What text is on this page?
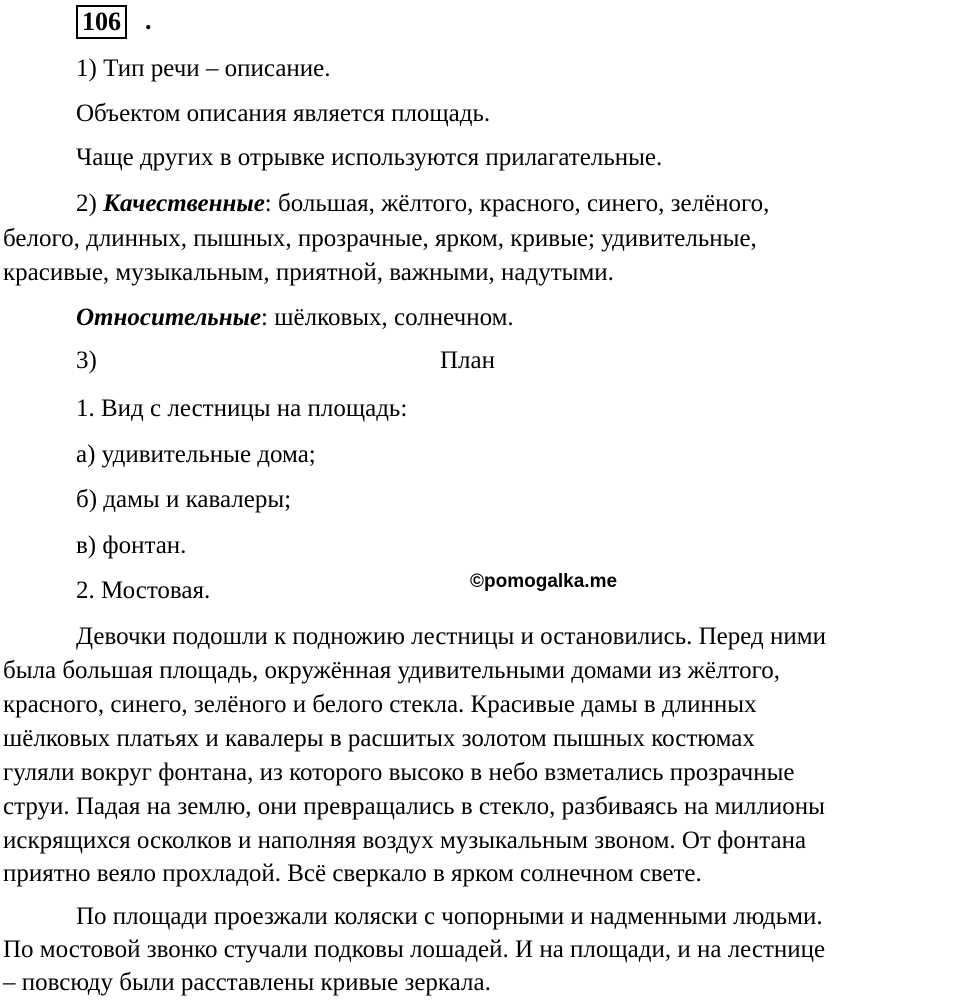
106 .
1) Тип речи – описание.
Объектом описания является площадь.
Чаще других в отрывке используются прилагательные.
2) Качественные: большая, жёлтого, красного, синего, зелёного,
белого, длинных, пышных, прозрачные, ярком, кривые; удивительные,
красивые, музыкальным, приятной, важными, надутыми.
Относительные: шёлковых, солнечном.
3)	План
1. Вид с лестницы на площадь:
а) удивительные дома;
б) дамы и кавалеры;
в) фонтан.
2. Мостовая.	©pomogalka.me
Девочки подошли к подножию лестницы и остановились. Перед ними
была большая площадь, окружённая удивительными домами из жёлтого,
красного, синего, зелёного и белого стекла. Красивые дамы в длинных
шёлковых платьях и кавалеры в расшитых золотом пышных костюмах
гуляли вокруг фонтана, из которого высоко в небо взметались прозрачные
струи. Падая на землю, они превращались в стекло, разбиваясь на миллионы
искрящихся осколков и наполняя воздух музыкальным звоном. От фонтана
приятно веяло прохладой. Всё сверкало в ярком солнечном свете.
По площади проезжали коляски с чопорными и надменными людьми.
По мостовой звонко стучали подковы лошадей. И на площади, и на лестнице
– повсюду были расставлены кривые зеркала.
